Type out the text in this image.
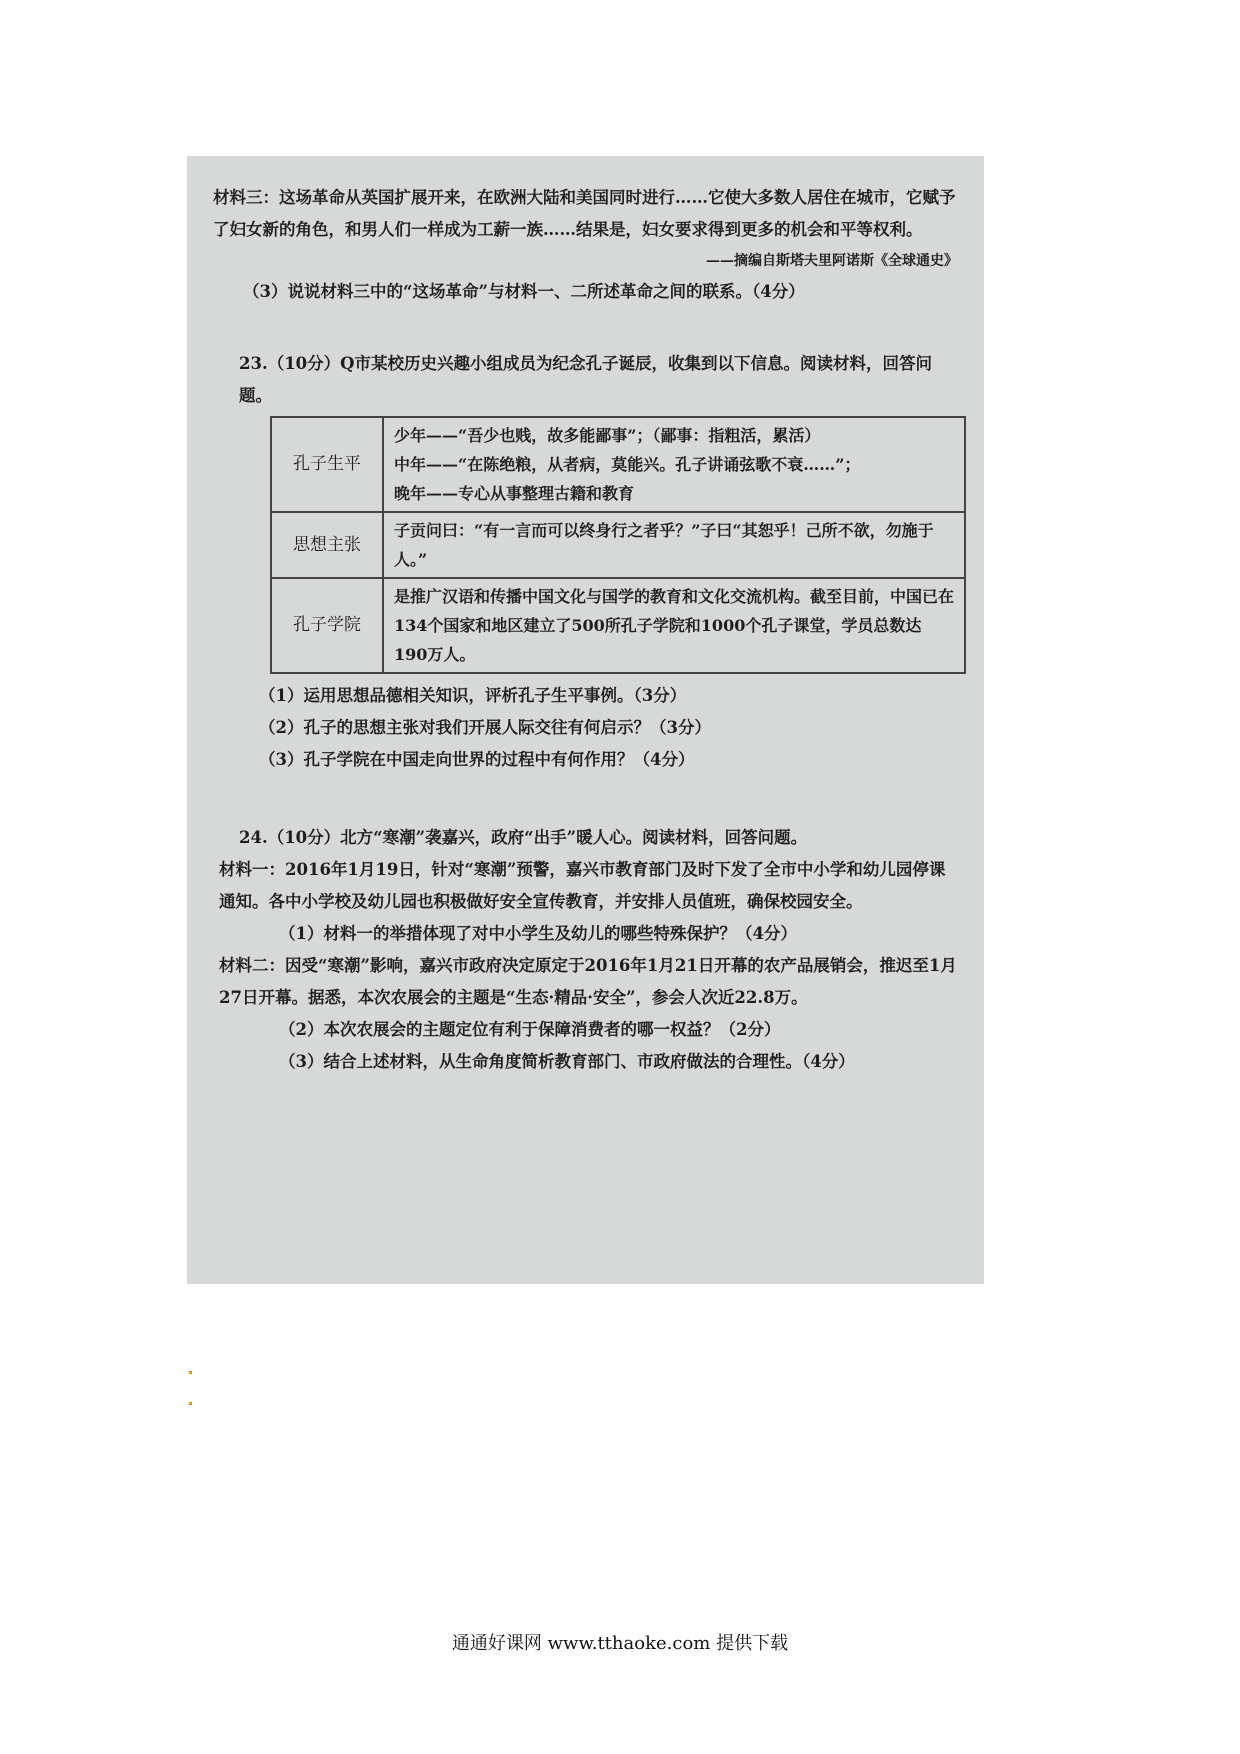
材料三：这场革命从英国扩展开来，在欧洲大陆和美国同时进行……它使大多数人居住在城市，它赋予了妇女新的角色，和男人们一样成为工薪一族……结果是，妇女要求得到更多的机会和平等权利。

——摘编自斯塔夫里阿诺斯《全球通史》

（3）说说材料三中的“这场革命”与材料一、二所述革命之间的联系。（4分）

23.（10分）Q市某校历史兴趣小组成员为纪念孔子诞辰，收集到以下信息。阅读材料，回答问题。

孔子生平	少年——“吾少也贱，故多能鄙事”；（鄙事：指粗活，累活）
中年——“在陈绝粮，从者病，莫能兴。孔子讲诵弦歌不衰……”；
晚年——专心从事整理古籍和教育

思想主张	子贡问曰：“有一言而可以终身行之者乎？”子曰“其恕乎！己所不欲，勿施于人。”

孔子学院	是推广汉语和传播中国文化与国学的教育和文化交流机构。截至目前，中国已在134个国家和地区建立了500所孔子学院和1000个孔子课堂，学员总数达190万人。

（1）运用思想品德相关知识，评析孔子生平事例。（3分）

（2）孔子的思想主张对我们开展人际交往有何启示？（3分）

（3）孔子学院在中国走向世界的过程中有何作用？（4分）

24.（10分）北方“寒潮”袭嘉兴，政府“出手”暖人心。阅读材料，回答问题。

材料一：2016年1月19日，针对“寒潮”预警，嘉兴市教育部门及时下发了全市中小学和幼儿园停课通知。各中小学校及幼儿园也积极做好安全宣传教育，并安排人员值班，确保校园安全。

（1）材料一的举措体现了对中小学生及幼儿的哪些特殊保护？（4分）

材料二：因受“寒潮”影响，嘉兴市政府决定原定于2016年1月21日开幕的农产品展销会，推迟至1月27日开幕。据悉，本次农展会的主题是“生态·精品·安全”，参会人次近22.8万。

（2）本次农展会的主题定位有利于保障消费者的哪一权益？（2分）

（3）结合上述材料，从生命角度简析教育部门、市政府做法的合理性。（4分）

通通好课网 www.tthaoke.com 提供下载
